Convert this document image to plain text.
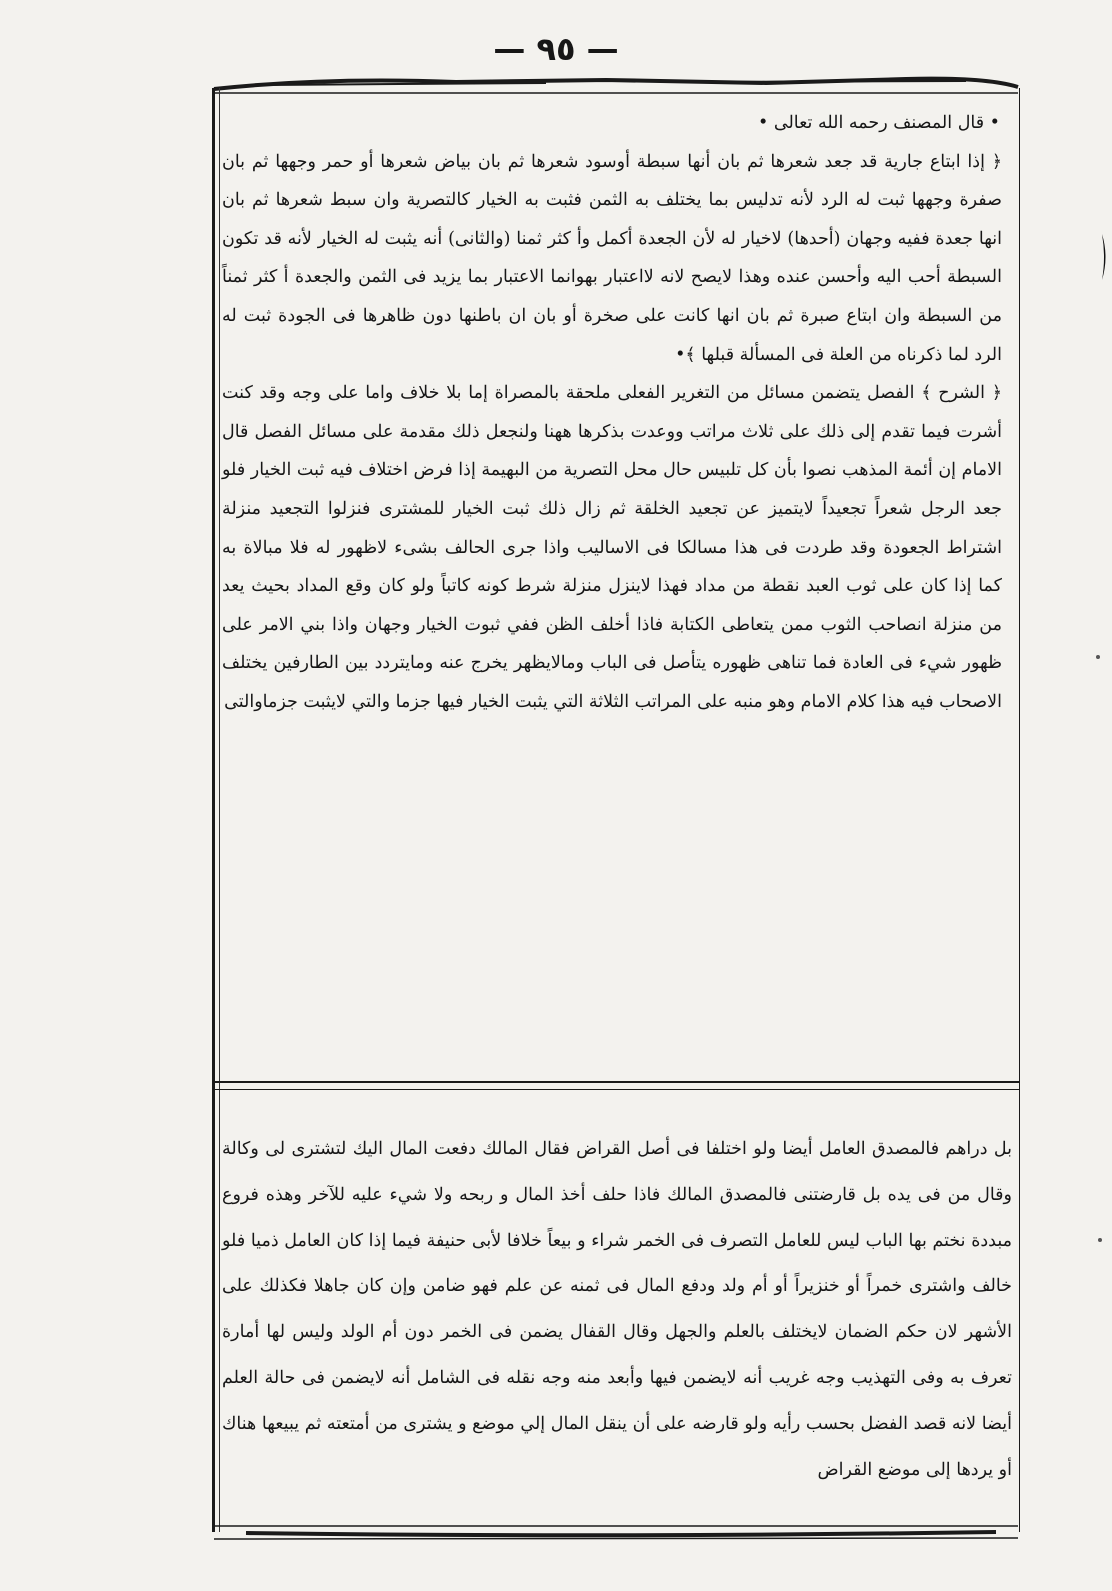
— ٩٥ —

• قال المصنف رحمه الله تعالى •

﴿ إذا ابتاع جارية قد جعد شعرها ثم بان أنها سبطة أوسود شعرها ثم بان بياض شعرها أو حمر وجهها ثم بان صفرة وجهها ثبت له الرد لأنه تدليس بما يختلف به الثمن فثبت به الخيار كالتصرية وان سبط شعرها ثم بان انها جعدة ففيه وجهان (أحدها) لاخيار له لأن الجعدة أكمل وأ كثر ثمنا (والثانى) أنه يثبت له الخيار لأنه قد تكون السبطة أحب اليه وأحسن عنده وهذا لايصح لانه لااعتبار بهوانما الاعتبار بما يزيد فى الثمن والجعدة أ كثر ثمناً من السبطة وان ابتاع صبرة ثم بان انها كانت على صخرة أو بان ان باطنها دون ظاهرها فى الجودة ثبت له الرد لما ذكرناه من العلة فى المسألة قبلها ﴾•

﴿ الشرح ﴾ الفصل يتضمن مسائل من التغرير الفعلى ملحقة بالمصراة إما بلا خلاف واما على وجه وقد كنت أشرت فيما تقدم إلى ذلك على ثلاث مراتب ووعدت بذكرها ههنا ولنجعل ذلك مقدمة على مسائل الفصل قال الامام إن أئمة المذهب نصوا بأن كل تلبيس حال محل التصرية من البهيمة إذا فرض اختلاف فيه ثبت الخيار فلو جعد الرجل شعراً تجعيداً لايتميز عن تجعيد الخلقة ثم زال ذلك ثبت الخيار للمشترى فنزلوا التجعيد منزلة اشتراط الجعودة وقد طردت فى هذا مسالكا فى الاساليب واذا جرى الحالف بشىء لاظهور له فلا مبالاة به كما إذا كان على ثوب العبد نقطة من مداد فهذا لاينزل منزلة شرط كونه كاتباً ولو كان وقع المداد بحيث يعد من منزلة انصاحب الثوب ممن يتعاطى الكتابة فاذا أخلف الظن ففي ثبوت الخيار وجهان واذا بني الامر على ظهور شيء فى العادة فما تناهى ظهوره يتأصل فى الباب ومالايظهر يخرج عنه ومايتردد بين الطارفين يختلف الاصحاب فيه هذا كلام الامام وهو منبه على المراتب الثلاثة التي يثبت الخيار فيها جزما والتي لايثبت جزماوالتى

بل دراهم فالمصدق العامل أيضا ولو اختلفا فى أصل القراض فقال المالك دفعت المال اليك لتشترى لى وكالة وقال من فى يده بل قارضتنى فالمصدق المالك فاذا حلف أخذ المال و ربحه ولا شيء عليه للآخر وهذه فروع مبددة نختم بها الباب ليس للعامل التصرف فى الخمر شراء و بيعاً خلافا لأبى حنيفة فيما إذا كان العامل ذميا فلو خالف واشترى خمراً أو خنزيراً أو أم ولد ودفع المال فى ثمنه عن علم فهو ضامن وإن كان جاهلا فكذلك على الأشهر لان حكم الضمان لايختلف بالعلم والجهل وقال القفال يضمن فى الخمر دون أم الولد وليس لها أمارة تعرف به وفى التهذيب وجه غريب أنه لايضمن فيها وأبعد منه وجه نقله فى الشامل أنه لايضمن فى حالة العلم أيضا لانه قصد الفضل بحسب رأيه ولو قارضه على أن ينقل المال إلي موضع و يشترى من أمتعته ثم يبيعها هناك أو يردها إلى موضع القراض
